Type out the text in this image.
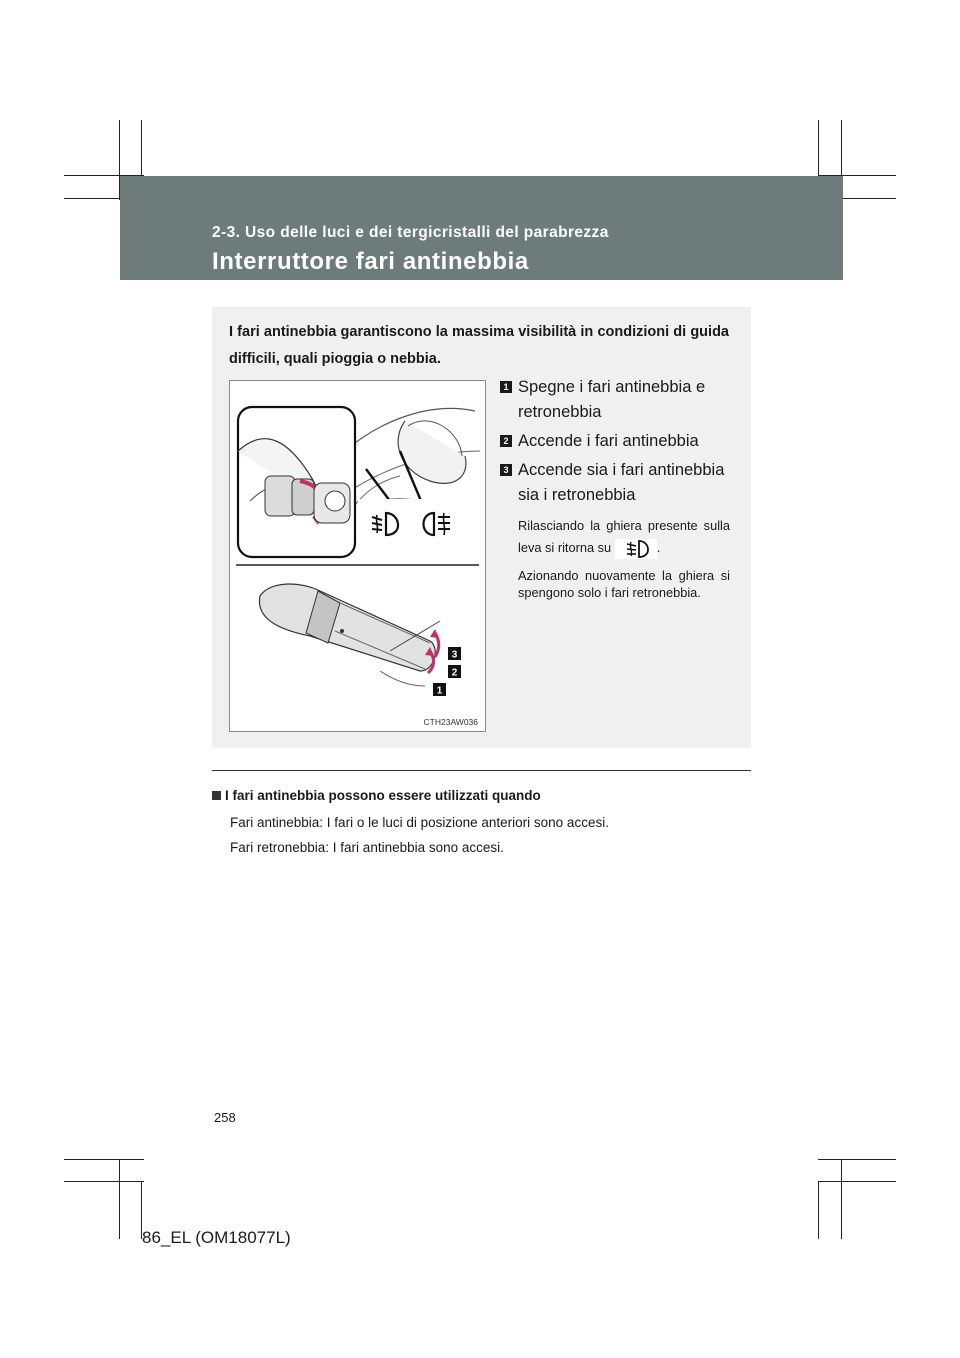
2-3. Uso delle luci e dei tergicristalli del parabrezza
Interruttore fari antinebbia
I fari antinebbia garantiscono la massima visibilità in condizioni di guida difficili, quali pioggia o nebbia.
3
2
1
CTH23AW036
1 Spegne i fari antinebbia e retronebbia
2 Accende i fari antinebbia
3 Accende sia i fari antinebbia sia i retronebbia
Rilasciando la ghiera presente sulla leva si ritorna su	.
Azionando nuovamente la ghiera si spengono solo i fari retronebbia.
I fari antinebbia possono essere utilizzati quando
Fari antinebbia: I fari o le luci di posizione anteriori sono accesi.
Fari retronebbia: I fari antinebbia sono accesi.
258
86_EL (OM18077L)
